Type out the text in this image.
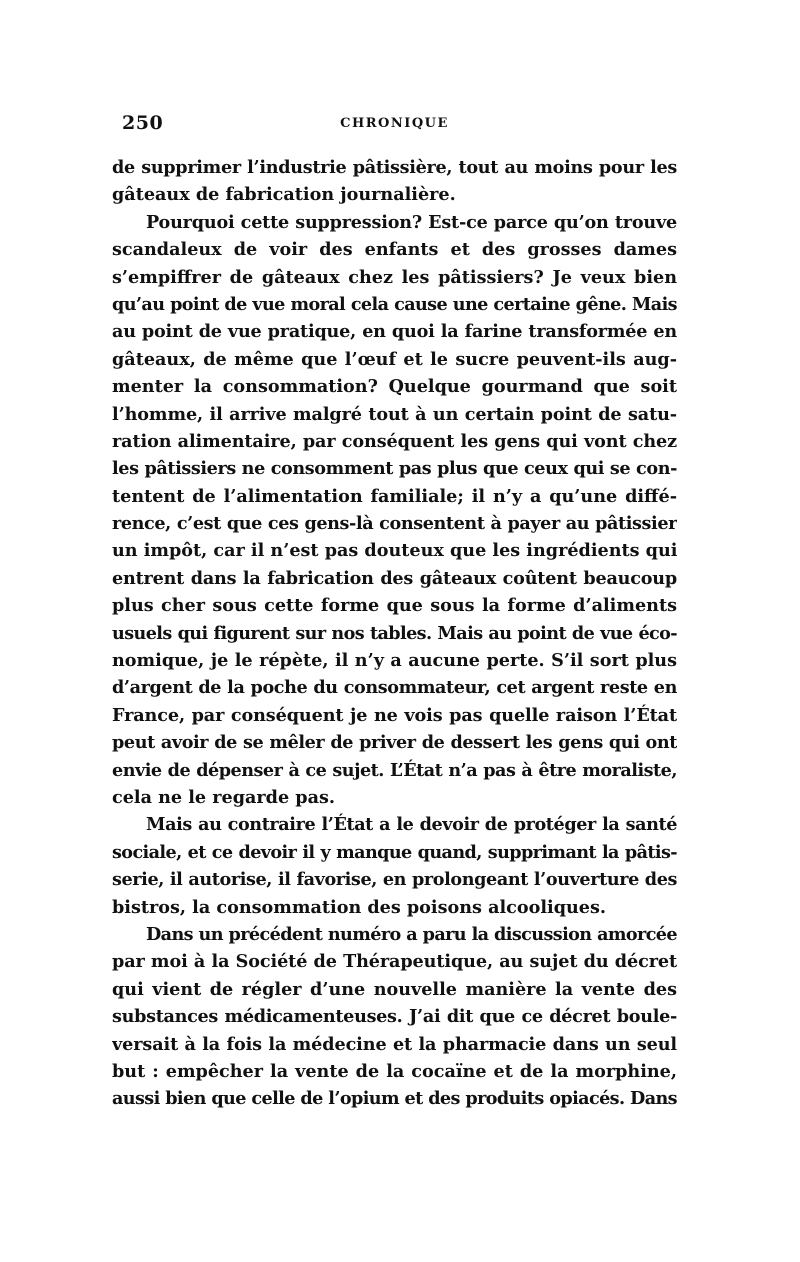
250	CHRONIQUE
de supprimer l’industrie pâtissière, tout au moins pour les
gâteaux de fabrication journalière.
Pourquoi cette suppression? Est-ce parce qu’on trouve
scandaleux de voir des enfants et des grosses dames
s’empiffrer de gâteaux chez les pâtissiers? Je veux bien
qu’au point de vue moral cela cause une certaine gêne. Mais
au point de vue pratique, en quoi la farine transformée en
gâteaux, de même que l’œuf et le sucre peuvent-ils aug-
menter la consommation? Quelque gourmand que soit
l’homme, il arrive malgré tout à un certain point de satu-
ration alimentaire, par conséquent les gens qui vont chez
les pâtissiers ne consomment pas plus que ceux qui se con-
tentent de l’alimentation familiale; il n’y a qu’une diffé-
rence, c’est que ces gens-là consentent à payer au pâtissier
un impôt, car il n’est pas douteux que les ingrédients qui
entrent dans la fabrication des gâteaux coûtent beaucoup
plus cher sous cette forme que sous la forme d’aliments
usuels qui figurent sur nos tables. Mais au point de vue éco-
nomique, je le répète, il n’y a aucune perte. S’il sort plus
d’argent de la poche du consommateur, cet argent reste en
France, par conséquent je ne vois pas quelle raison l’État
peut avoir de se mêler de priver de dessert les gens qui ont
envie de dépenser à ce sujet. L’État n’a pas à être moraliste,
cela ne le regarde pas.
Mais au contraire l’État a le devoir de protéger la santé
sociale, et ce devoir il y manque quand, supprimant la pâtis-
serie, il autorise, il favorise, en prolongeant l’ouverture des
bistros, la consommation des poisons alcooliques.
Dans un précédent numéro a paru la discussion amorcée
par moi à la Société de Thérapeutique, au sujet du décret
qui vient de régler d’une nouvelle manière la vente des
substances médicamenteuses. J’ai dit que ce décret boule-
versait à la fois la médecine et la pharmacie dans un seul
but : empêcher la vente de la cocaïne et de la morphine,
aussi bien que celle de l’opium et des produits opiacés. Dans
